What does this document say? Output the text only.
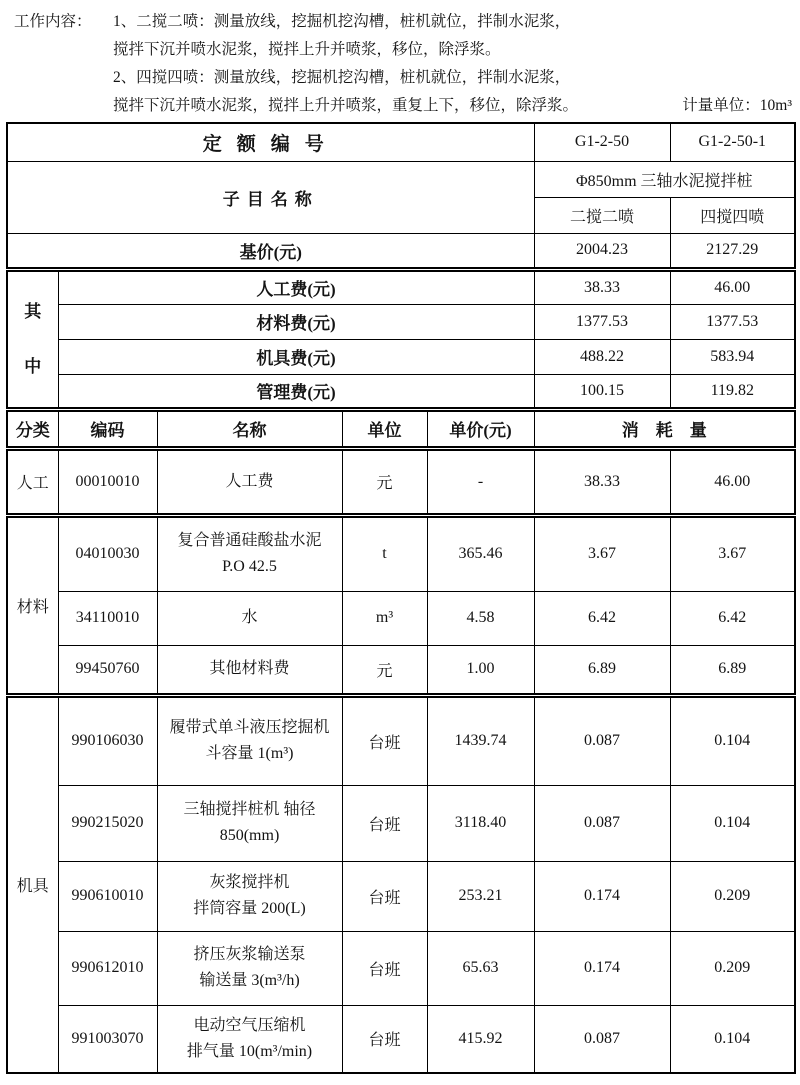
工作内容：	1、二搅二喷：测量放线，挖掘机挖沟槽，桩机就位，拌制水泥浆，
搅拌下沉并喷水泥浆，搅拌上升并喷浆，移位，除浮浆。
2、四搅四喷：测量放线，挖掘机挖沟槽，桩机就位，拌制水泥浆，
搅拌下沉并喷水泥浆，搅拌上升并喷浆，重复上下，移位，除浮浆。	计量单位：10m³
定额编号					G1-2-50	G1-2-50-1
子目名称					Φ850mm 三轴水泥搅拌桩	
					二搅二喷	四搅四喷
基价(元)					2004.23	2127.29

其
中	人工费(元)				38.33	46.00
	材料费(元)				1377.53	1377.53
	机具费(元)				488.22	583.94
	管理费(元)				100.15	119.82
分类	编码	名称	单位	单价(元)	消　耗　量	
人工	00010010	人工费	元	-	38.33	46.00
材料	04010030	复合普通硅酸盐水泥
P.O 42.5	t	365.46	3.67	3.67
	34110010	水	m³	4.58	6.42	6.42
	99450760	其他材料费	元	1.00	6.89	6.89
机具	990106030	履带式单斗液压挖掘机
斗容量 1(m³)	台班	1439.74	0.087	0.104
	990215020	三轴搅拌桩机 轴径
850(mm)	台班	3118.40	0.087	0.104
	990610010	灰浆搅拌机
拌筒容量 200(L)	台班	253.21	0.174	0.209
	990612010	挤压灰浆输送泵
输送量 3(m³/h)	台班	65.63	0.174	0.209
	991003070	电动空气压缩机
排气量 10(m³/min)	台班	415.92	0.087	0.104
